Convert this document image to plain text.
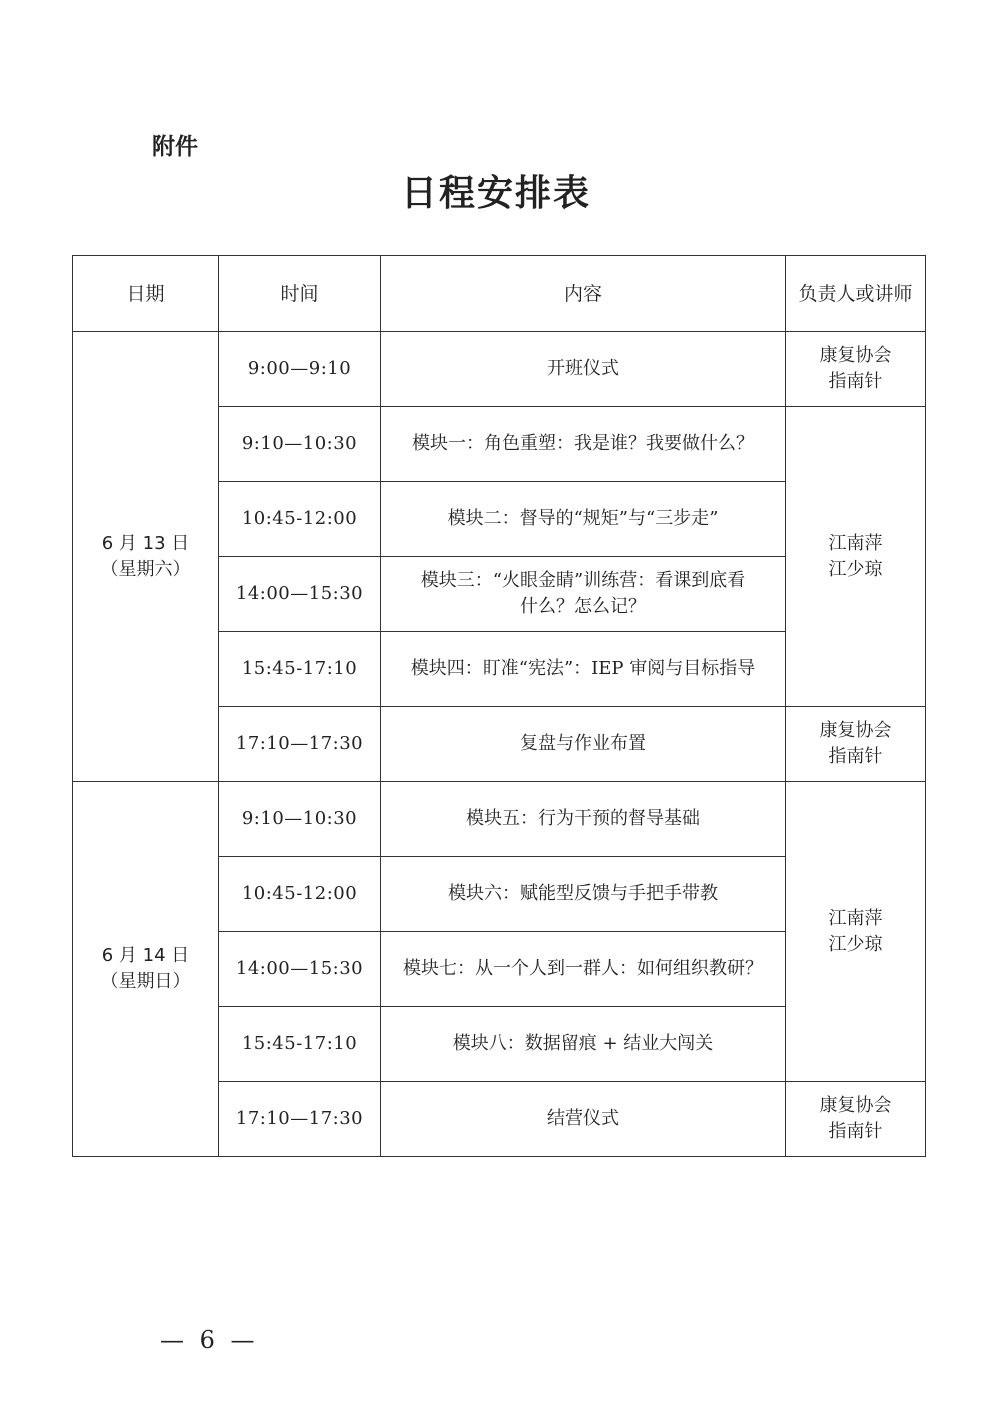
附件
日程安排表
日期	时间	内容	负责人或讲师

6 月 13 日
（星期六）	9:00—9:10	开班仪式	康复协会
指南针

	9:10—10:30	模块一：角色重塑：我是谁？我要做什么？	江南萍
江少琼

	10:45-12:00	模块二：督导的“规矩”与“三步走”	
	14:00—15:30	模块三：“火眼金睛”训练营：看课到底看
什么？怎么记？	

	15:45-17:10	模块四：盯准“宪法”：IEP 审阅与目标指导	
	17:10—17:30	复盘与作业布置	康复协会
指南针

6 月 14 日
（星期日）	9:10—10:30	模块五：行为干预的督导基础	江南萍
江少琼

	10:45-12:00	模块六：赋能型反馈与手把手带教	
	14:00—15:30	模块七：从一个人到一群人：如何组织教研？	
	15:45-17:10	模块八：数据留痕 + 结业大闯关	
	17:10—17:30	结营仪式	康复协会
指南针
— 6 —
